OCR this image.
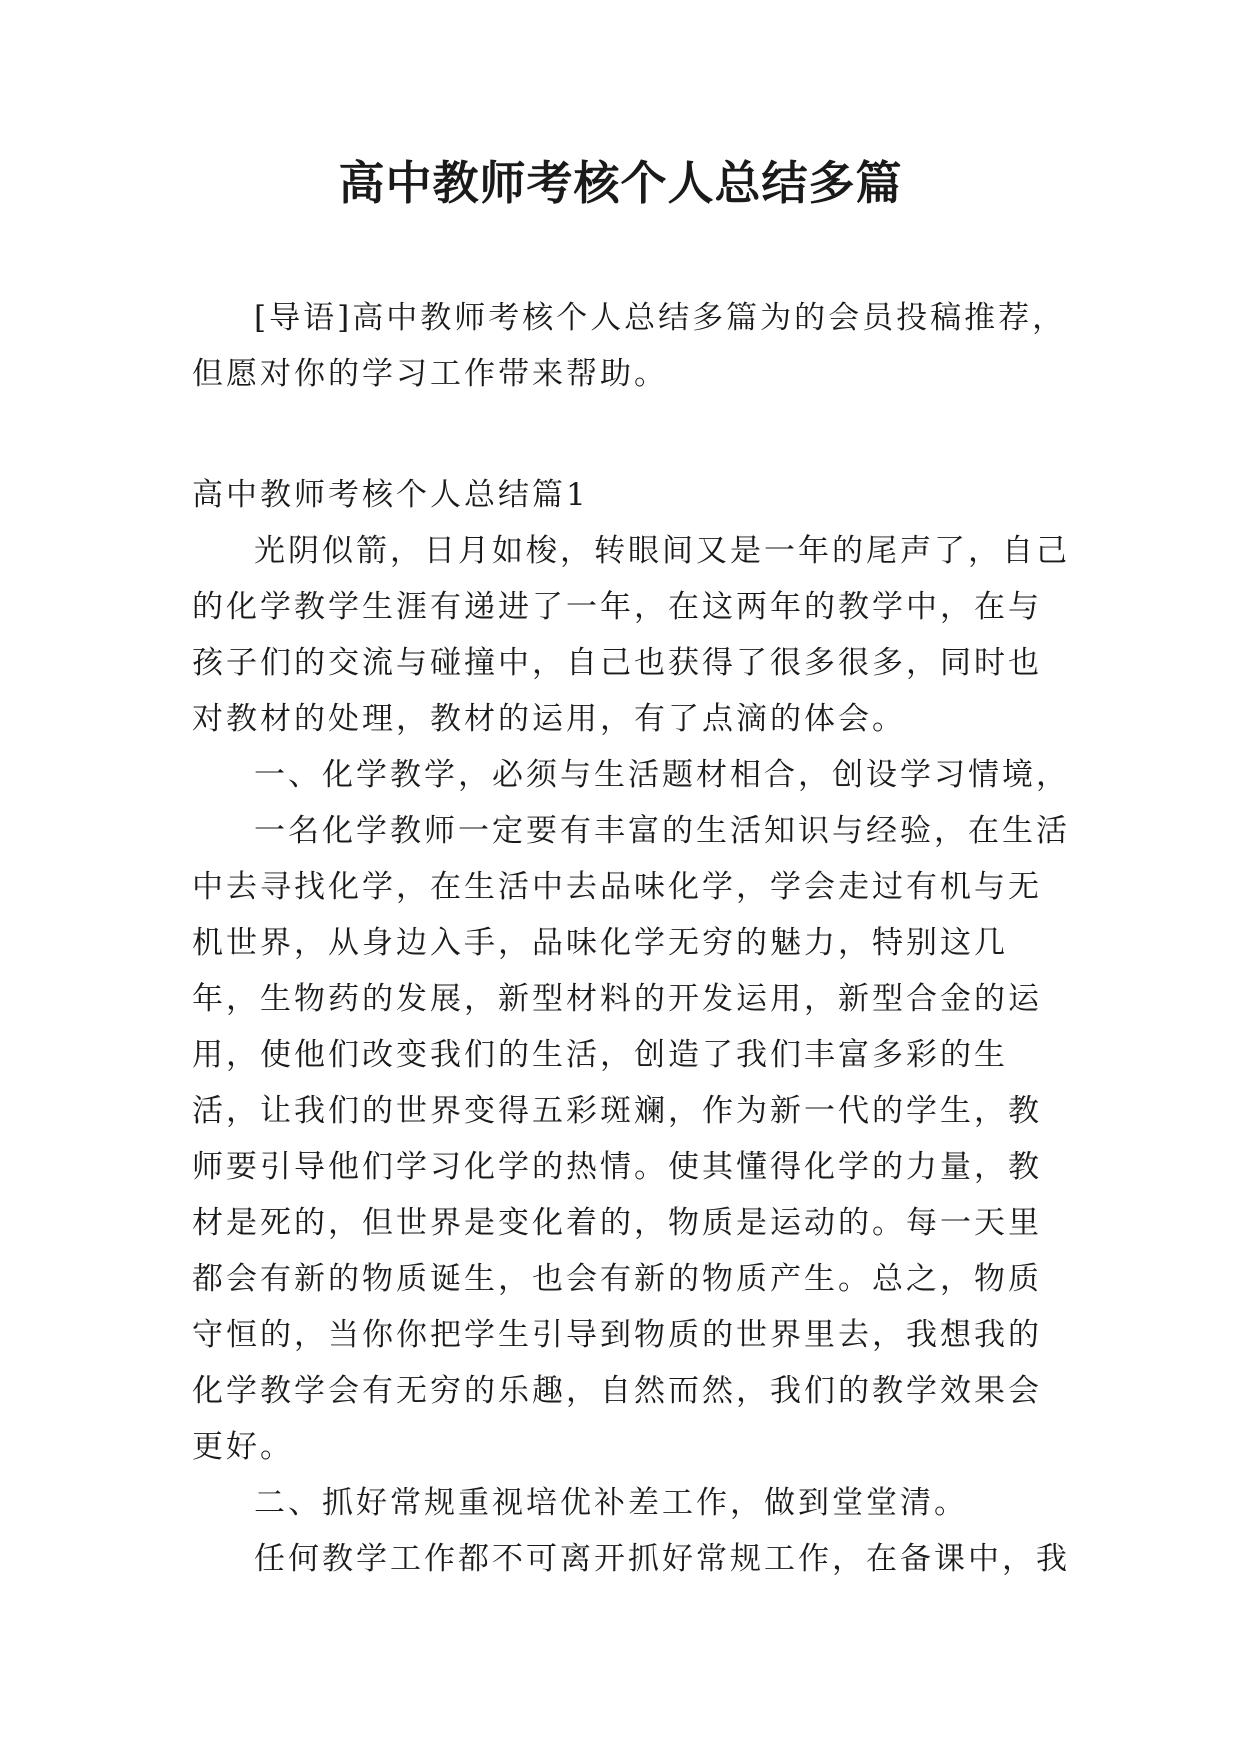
高中教师考核个人总结多篇

[导语]高中教师考核个人总结多篇为的会员投稿推荐，但愿对你的学习工作带来帮助。

高中教师考核个人总结篇1

光阴似箭，日月如梭，转眼间又是一年的尾声了，自己的化学教学生涯有递进了一年，在这两年的教学中，在与孩子们的交流与碰撞中，自己也获得了很多很多，同时也对教材的处理，教材的运用，有了点滴的体会。

一、化学教学，必须与生活题材相合，创设学习情境，

一名化学教师一定要有丰富的生活知识与经验，在生活中去寻找化学，在生活中去品味化学，学会走过有机与无机世界，从身边入手，品味化学无穷的魅力，特别这几年，生物药的发展，新型材料的开发运用，新型合金的运用，使他们改变我们的生活，创造了我们丰富多彩的生活，让我们的世界变得五彩斑斓，作为新一代的学生，教师要引导他们学习化学的热情。使其懂得化学的力量，教材是死的，但世界是变化着的，物质是运动的。每一天里都会有新的物质诞生，也会有新的物质产生。总之，物质守恒的，当你你把学生引导到物质的世界里去，我想我的化学教学会有无穷的乐趣，自然而然，我们的教学效果会更好。

二、抓好常规重视培优补差工作，做到堂堂清。

任何教学工作都不可离开抓好常规工作，在备课中，我
